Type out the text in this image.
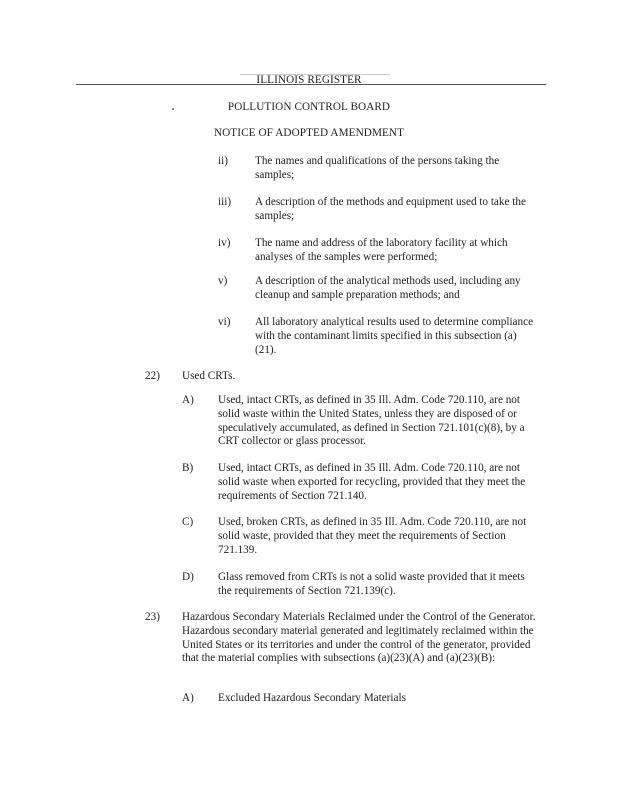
ILLINOIS REGISTER
POLLUTION CONTROL BOARD
NOTICE OF ADOPTED AMENDMENT
ii) The names and qualifications of the persons taking the samples;
iii) A description of the methods and equipment used to take the samples;
iv) The name and address of the laboratory facility at which analyses of the samples were performed;
v) A description of the analytical methods used, including any cleanup and sample preparation methods; and
vi) All laboratory analytical results used to determine compliance with the contaminant limits specified in this subsection (a)(21).
22) Used CRTs.
A) Used, intact CRTs, as defined in 35 Ill. Adm. Code 720.110, are not solid waste within the United States, unless they are disposed of or speculatively accumulated, as defined in Section 721.101(c)(8), by a CRT collector or glass processor.
B) Used, intact CRTs, as defined in 35 Ill. Adm. Code 720.110, are not solid waste when exported for recycling, provided that they meet the requirements of Section 721.140.
C) Used, broken CRTs, as defined in 35 Ill. Adm. Code 720.110, are not solid waste, provided that they meet the requirements of Section 721.139.
D) Glass removed from CRTs is not a solid waste provided that it meets the requirements of Section 721.139(c).
23) Hazardous Secondary Materials Reclaimed under the Control of the Generator. Hazardous secondary material generated and legitimately reclaimed within the United States or its territories and under the control of the generator, provided that the material complies with subsections (a)(23)(A) and (a)(23)(B):
A) Excluded Hazardous Secondary Materials
